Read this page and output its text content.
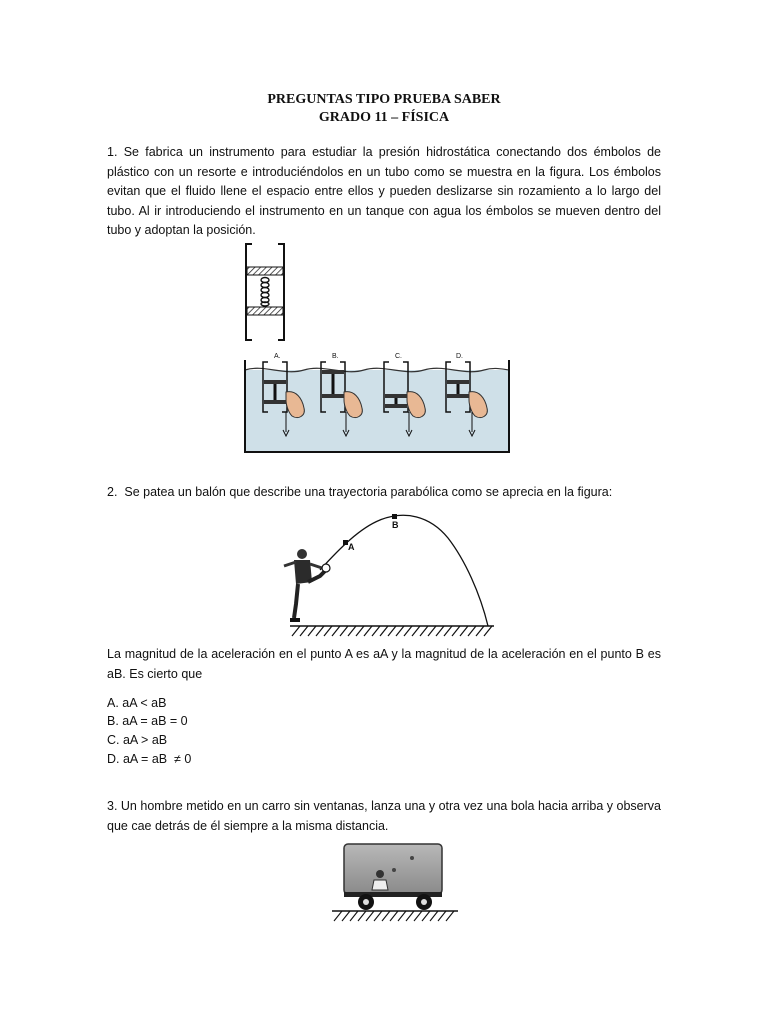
PREGUNTAS TIPO PRUEBA SABER
GRADO 11 – FÍSICA
1. Se fabrica un instrumento para estudiar la presión hidrostática conectando dos émbolos de plástico con un resorte e introduciéndolos en un tubo como se muestra en la figura. Los émbolos evitan que el fluido llene el espacio entre ellos y pueden deslizarse sin rozamiento a lo largo del tubo. Al ir introduciendo el instrumento en un tanque con agua los émbolos se mueven dentro del tubo y adoptan la posición.
A.	B.	C.	D.
2.  Se patea un balón que describe una trayectoria parabólica como se aprecia en la figura:
A
B
La magnitud de la aceleración en el punto A es aA y la magnitud de la aceleración en el punto B es aB. Es cierto que
A. aA < aB
B. aA = aB = 0
C. aA > aB
D. aA = aB  ≠ 0
3. Un hombre metido en un carro sin ventanas, lanza una y otra vez una bola hacia arriba y observa que cae detrás de él siempre a la misma distancia.
